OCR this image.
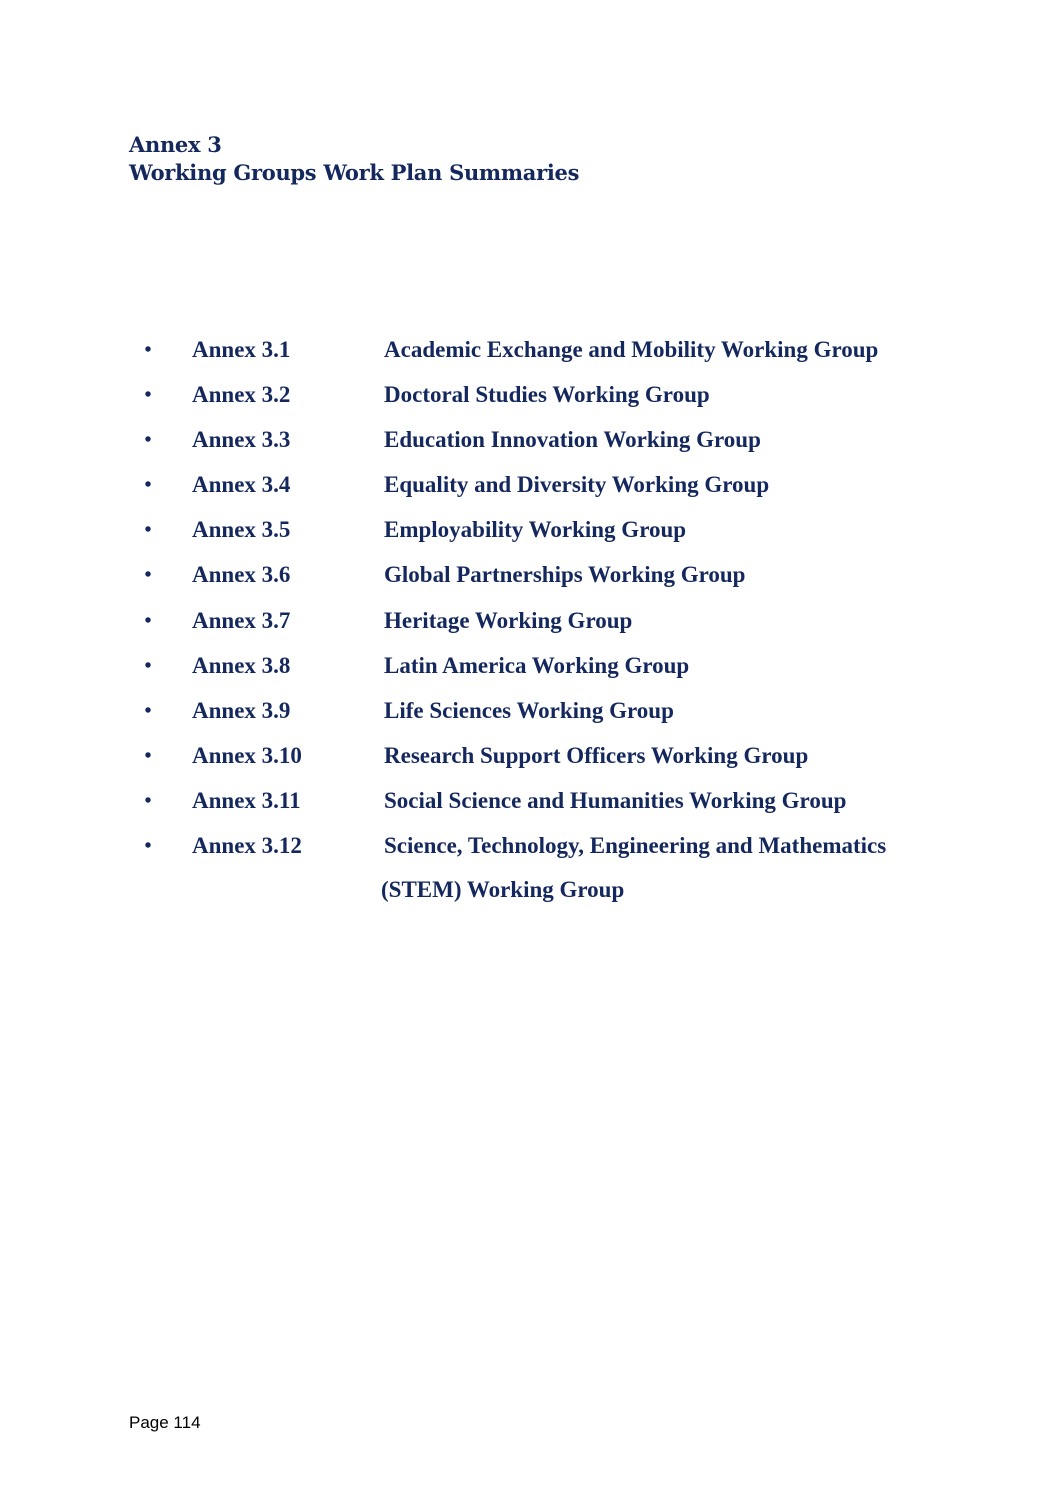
Annex 3
Working Groups Work Plan Summaries
• Annex 3.1	Academic Exchange and Mobility Working Group
• Annex 3.2	Doctoral Studies Working Group
• Annex 3.3	Education Innovation Working Group
• Annex 3.4	Equality and Diversity Working Group
• Annex 3.5	Employability Working Group
• Annex 3.6	Global Partnerships Working Group
• Annex 3.7	Heritage Working Group
• Annex 3.8	Latin America Working Group
• Annex 3.9	Life Sciences Working Group
• Annex 3.10	Research Support Officers Working Group
• Annex 3.11	Social Science and Humanities Working Group
• Annex 3.12	Science, Technology, Engineering and Mathematics
(STEM) Working Group
Page 114
